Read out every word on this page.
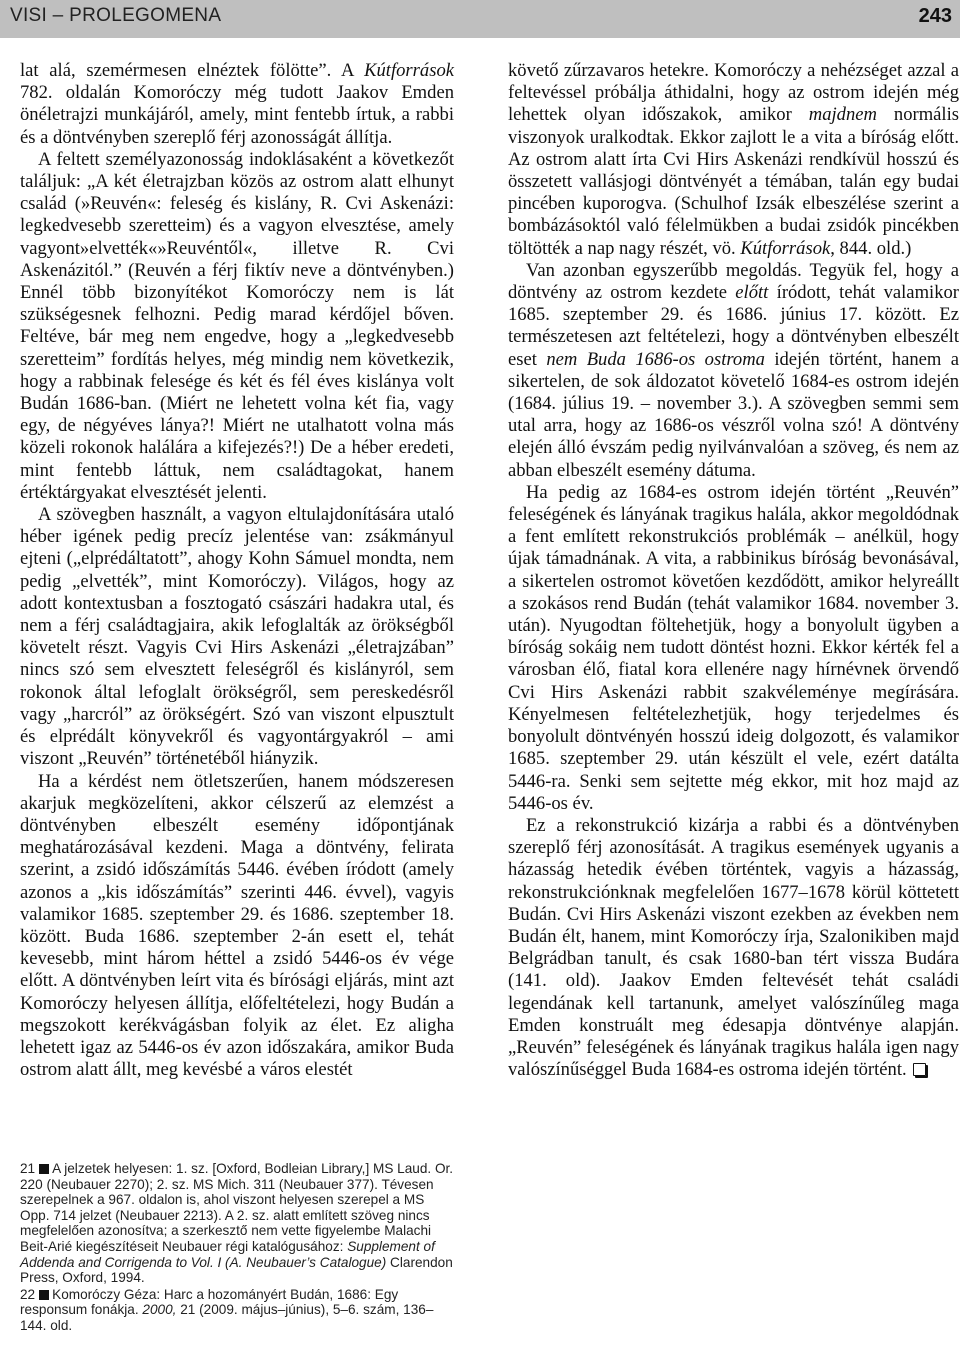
VISI – PROLEGOMENA	243

lat alá, szemérmesen elnéztek fölötte”. A Kútforrások 782. oldalán Komoróczy még tudott Jaakov Emden önéletrajzi munkájáról, amely, mint fentebb írtuk, a rabbi és a döntvényben szereplő férj azonosságát állítja.

A feltett személyazonosság indoklásaként a következőt találjuk: „A két életrajzban közös az ostrom alatt elhunyt család (»Reuvén«: feleség és kislány, R. Cvi Askenázi: legkedvesebb szeretteim) és a vagyon elvesztése, amely vagyont»elvették«»Reuvéntől«, illetve R. Cvi Askenázitól.” (Reuvén a férj fiktív neve a döntvényben.) Ennél több bizonyítékot Komoróczy nem is lát szükségesnek felhozni. Pedig marad kérdőjel bőven. Feltéve, bár meg nem engedve, hogy a „legkedvesebb szeretteim” fordítás helyes, még mindig nem következik, hogy a rabbinak felesége és két és fél éves kislánya volt Budán 1686-ban. (Miért ne lehetett volna két fia, vagy egy, de négyéves lánya?! Miért ne utalhatott volna más közeli rokonok halálára a kifejezés?!) De a héber eredeti, mint fentebb láttuk, nem családtagokat, hanem értéktárgyakat elvesztését jelenti.

A szövegben használt, a vagyon eltulajdonítására utaló héber igének pedig precíz jelentése van: zsákmányul ejteni („elprédáltatott”, ahogy Kohn Sámuel mondta, nem pedig „elvették”, mint Komoróczy). Világos, hogy az adott kontextusban a fosztogató császári hadakra utal, és nem a férj családtagjaira, akik lefoglalták az örökségből követelt részt. Vagyis Cvi Hirs Askenázi „életrajzában” nincs szó sem elvesztett feleségről és kislányról, sem rokonok által lefoglalt örökségről, sem pereskedésről vagy „harcról” az örökségért. Szó van viszont elpusztult és elprédált könyvekről és vagyontárgyakról – ami viszont „Reuvén” történetéből hiányzik.

Ha a kérdést nem ötletszerűen, hanem módszeresen akarjuk megközelíteni, akkor célszerű az elemzést a döntvényben elbeszélt esemény időpontjának meghatározásával kezdeni. Maga a döntvény, felirata szerint, a zsidó időszámítás 5446. évében íródott (amely azonos a „kis időszámítás” szerinti 446. évvel), vagyis valamikor 1685. szeptember 29. és 1686. szeptember 18. között. Buda 1686. szeptember 2-án esett el, tehát kevesebb, mint három héttel a zsidó 5446-os év vége előtt. A döntvényben leírt vita és bírósági eljárás, mint azt Komoróczy helyesen állítja, előfeltételezi, hogy Budán a megszokott kerékvágásban folyik az élet. Ez aligha lehetett igaz az 5446-os év azon időszakára, amikor Buda ostrom alatt állt, meg kevésbé a város elestét

követő zűrzavaros hetekre. Komoróczy a nehézséget azzal a feltevéssel próbálja áthidalni, hogy az ostrom idején még lehettek olyan időszakok, amikor majdnem normális viszonyok uralkodtak. Ekkor zajlott le a vita a bíróság előtt. Az ostrom alatt írta Cvi Hirs Askenázi rendkívül hosszú és összetett vallásjogi döntvényét a témában, talán egy budai pincében kuporogva. (Schulhof Izsák elbeszélése szerint a bombázásoktól való félelmükben a budai zsidók pincékben töltötték a nap nagy részét, vö. Kútforrások, 844. old.)

Van azonban egyszerűbb megoldás. Tegyük fel, hogy a döntvény az ostrom kezdete előtt íródott, tehát valamikor 1685. szeptember 29. és 1686. június 17. között. Ez természetesen azt feltételezi, hogy a döntvényben elbeszélt eset nem Buda 1686-os ostroma idején történt, hanem a sikertelen, de sok áldozatot követelő 1684-es ostrom idején (1684. július 19. – november 3.). A szövegben semmi sem utal arra, hogy az 1686-os vészről volna szó! A döntvény elején álló évszám pedig nyilvánvalóan a szöveg, és nem az abban elbeszélt esemény dátuma.

Ha pedig az 1684-es ostrom idején történt „Reuvén” feleségének és lányának tragikus halála, akkor megoldódnak a fent említett rekonstrukciós problémák – anélkül, hogy újak támadnának. A vita, a rabbinikus bíróság bevonásával, a sikertelen ostromot követően kezdődött, amikor helyreállt a szokásos rend Budán (tehát valamikor 1684. november 3. után). Nyugodtan föltehetjük, hogy a bonyolult ügyben a bíróság sokáig nem tudott döntést hozni. Ekkor kérték fel a városban élő, fiatal kora ellenére nagy hírnévnek örvendő Cvi Hirs Askenázi rabbit szakvéleménye megírására. Kényelmesen feltételezhetjük, hogy terjedelmes és bonyolult döntvényén hosszú ideig dolgozott, és valamikor 1685. szeptember 29. után készült el vele, ezért datálta 5446-ra. Senki sem sejtette még ekkor, mit hoz majd az 5446-os év.

Ez a rekonstrukció kizárja a rabbi és a döntvényben szereplő férj azonosítását. A tragikus események ugyanis a házasság hetedik évében történtek, vagyis a házasság, rekonstrukciónknak megfelelően 1677–1678 körül köttetett Budán. Cvi Hirs Askenázi viszont ezekben az években nem Budán élt, hanem, mint Komoróczy írja, Szalonikiben majd Belgrádban tanult, és csak 1680-ban tért vissza Budára (141. old). Jaakov Emden feltevését tehát családi legendának kell tartanunk, amelyet valószínűleg maga Emden konstruált meg édesapja döntvénye alapján. „Reuvén” feleségének és lányának tragikus halála igen nagy valószínűséggel Buda 1684-es ostroma idején történt.

21 A jelzetek helyesen: 1. sz. [Oxford, Bodleian Library,] MS Laud. Or. 220 (Neubauer 2270); 2. sz. MS Mich. 311 (Neubauer 377). Tévesen szerepelnek a 967. oldalon is, ahol viszont helyesen szerepel a MS Opp. 714 jelzet (Neubauer 2213). A 2. sz. alatt említett szöveg nincs megfelelően azonosítva; a szerkesztő nem vette figyelembe Malachi Beit-Arié kiegészítéseit Neubauer régi katalógusához: Supplement of Addenda and Corrigenda to Vol. I (A. Neubauer’s Catalogue) Clarendon Press, Oxford, 1994.

22 Komoróczy Géza: Harc a hozományért Budán, 1686: Egy responsum fonákja. 2000, 21 (2009. május–június), 5–6. szám, 136–144. old.
